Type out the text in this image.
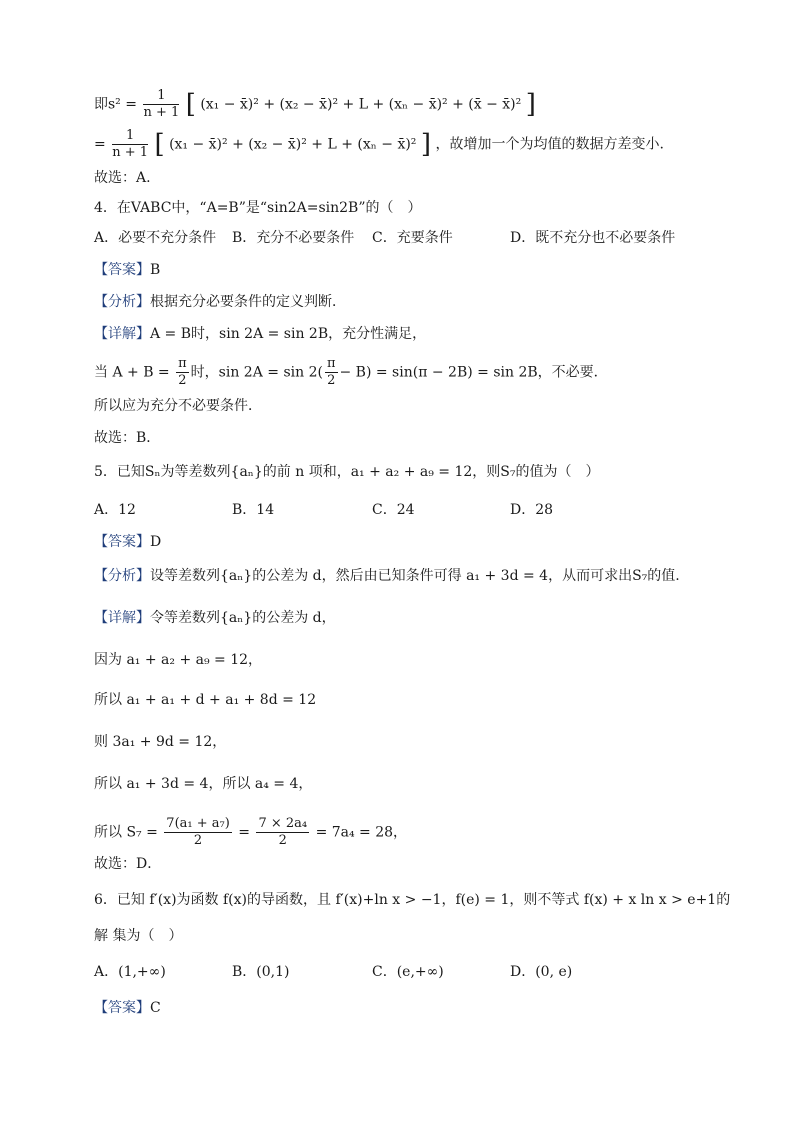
即$s^2 = \frac{1}{n + 1}$ [ (x₁ − x̄)² + (x₂ − x̄)² + L + (xₙ − x̄)² + (x̄ − x̄)² ]
= $\frac{1}{n + 1}$ [ (x₁ − x̄)² + (x₂ − x̄)² + L + (xₙ − x̄)² ] ，故增加一个为均值的数据方差变小.
故选：A.
4．在VABC中，“A=B”是“sin2A=sin2B”的（　）
A．必要不充分条件 B．充分不必要条件 C．充要条件	D．既不充分也不必要条件
【答案】B
【分析】根据充分必要条件的定义判断．
【详解】A = B时，sin 2A = sin 2B，充分性满足，
当 $A + B = \frac{\pi}{2}$ 时，$\sin 2A = \sin 2( \frac{\pi}{2} - B) = \sin(\pi - 2B) = \sin 2B$，不必要．
所以应为充分不必要条件．
故选：B．
5．已知Sₙ为等差数列{aₙ}的前 n 项和，a₁ + a₂ + a₉ = 12，则S₇的值为（　）
A．12	B．14	C．24	D．28
【答案】D
【分析】设等差数列{aₙ}的公差为 d，然后由已知条件可得 a₁ + 3d = 4，从而可求出S₇的值.
【详解】令等差数列{aₙ}的公差为 d，
因为 a₁ + a₂ + a₉ = 12，
所以 a₁ + a₁ + d + a₁ + 8d = 12
则 3a₁ + 9d = 12，
所以 a₁ + 3d = 4，所以 a₄ = 4，
所以 $S_7 = \frac{\text{7(a₁ + a₇)}}{2} = \frac{\text{7 × 2a₄}}{2} = 7a_4 = 28$，
故选：D．
6．已知 f′(x)为函数 f(x)的导函数，且 f′(x)+ln x > −1，f(e) = 1，则不等式 f(x) + x ln x > e+1的
解 集为（　）
A．(1,+∞)	B．(0,1)	C．(e,+∞)	D．(0, e)
【答案】C
